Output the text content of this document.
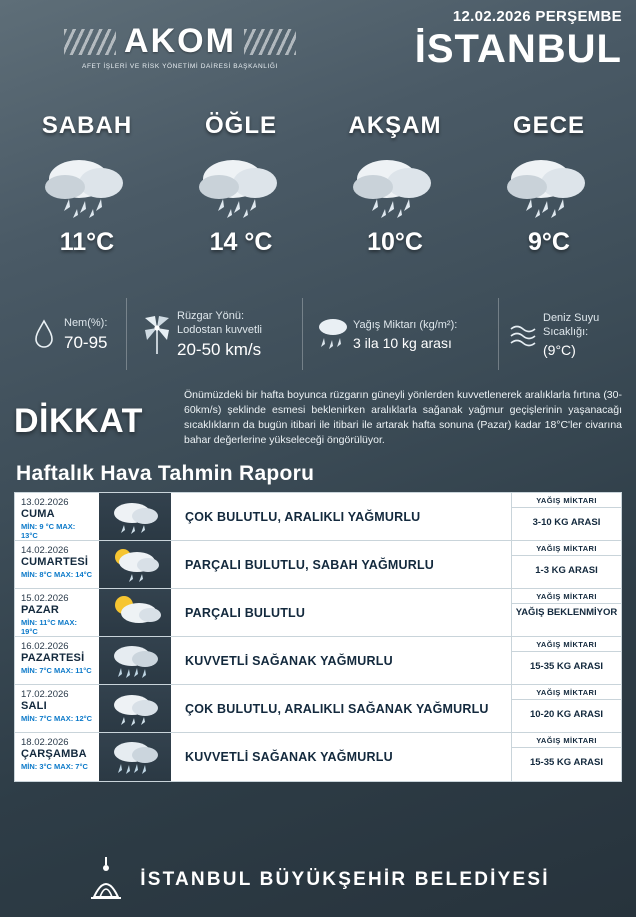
12.02.2026 PERŞEMBE
İSTANBUL
AKOM
AFET İŞLERİ VE RİSK YÖNETİMİ DAİRESİ BAŞKANLIĞI
SABAH
11°C
ÖĞLE
14 °C
AKŞAM
10°C
GECE
9°C
Nem(%):
70-95
Rüzgar Yönü:
Lodostan kuvvetli
20-50 km/s
Yağış Miktarı (kg/m²):
3 ila 10 kg arası
Deniz Suyu Sıcaklığı:
(9°C)
DİKKAT
Önümüzdeki bir hafta boyunca rüzgarın güneyli yönlerden kuvvetlenerek aralıklarla fırtına (30-60km/s) şeklinde esmesi beklenirken aralıklarla sağanak yağmur geçişlerinin yaşanacağı sıcaklıkların da bugün itibari ile itibari ile artarak hafta sonuna (Pazar) kadar 18°C'ler civarına bahar değerlerine yükseleceği öngörülüyor.
Haftalık Hava Tahmin Raporu
13.02.2026
CUMA
MİN: 9 °C MAX: 13°C
ÇOK BULUTLU, ARALIKLI YAĞMURLU
YAĞIŞ MİKTARI
3-10 KG ARASI
14.02.2026
CUMARTESİ
MİN: 8°C MAX: 14°C
PARÇALI BULUTLU, SABAH YAĞMURLU
YAĞIŞ MİKTARI
1-3 KG ARASI
15.02.2026
PAZAR
MİN: 11°C MAX: 19°C
PARÇALI BULUTLU
YAĞIŞ MİKTARI
YAĞIŞ BEKLENMİYOR
16.02.2026
PAZARTESİ
MİN: 7°C MAX: 11°C
KUVVETLİ SAĞANAK YAĞMURLU
YAĞIŞ MİKTARI
15-35 KG ARASI
17.02.2026
SALI
MİN: 7°C MAX: 12°C
ÇOK BULUTLU, ARALIKLI SAĞANAK YAĞMURLU
YAĞIŞ MİKTARI
10-20 KG ARASI
18.02.2026
ÇARŞAMBA
MİN: 3°C MAX: 7°C
KUVVETLİ SAĞANAK YAĞMURLU
YAĞIŞ MİKTARI
15-35 KG ARASI
İSTANBUL BÜYÜKŞEHİR BELEDİYESİ
